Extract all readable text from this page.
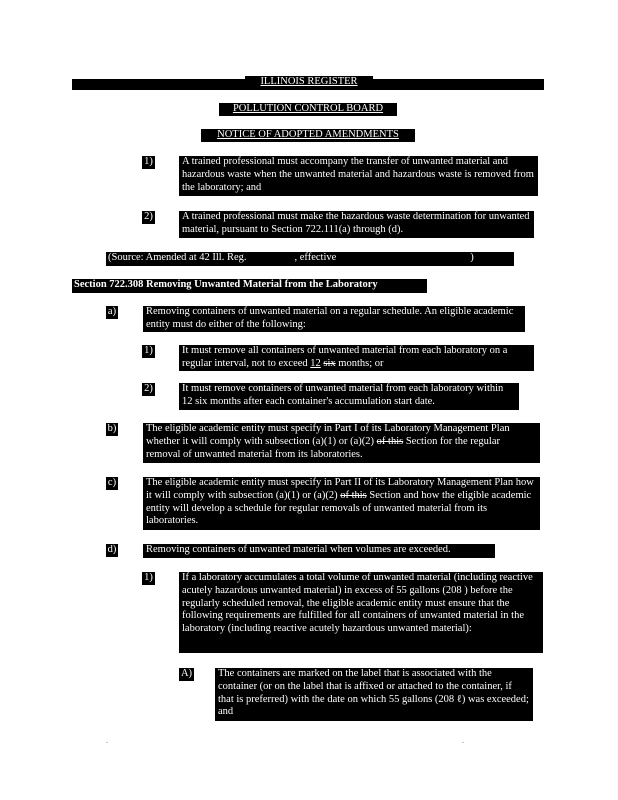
ILLINOIS REGISTER
POLLUTION CONTROL BOARD
NOTICE OF ADOPTED AMENDMENTS
1)	A trained professional must accompany the transfer of unwanted material and hazardous waste when the unwanted material and hazardous waste is removed from the laboratory; and
2)	A trained professional must make the hazardous waste determination for unwanted material, pursuant to Section 722.111(a) through (d).
(Source: Amended at 42 Ill. Reg.	, effective	)
Section 722.308 Removing Unwanted Material from the Laboratory
a)	Removing containers of unwanted material on a regular schedule. An eligible academic entity must do either of the following:
1)	It must remove all containers of unwanted material from each laboratory on a regular interval, not to exceed 12 six months; or
2)	It must remove containers of unwanted material from each laboratory within 12 six months after each container's accumulation start date.
b)	The eligible academic entity must specify in Part I of its Laboratory Management Plan whether it will comply with subsection (a)(1) or (a)(2) of this Section for the regular removal of unwanted material from its laboratories.
c)	The eligible academic entity must specify in Part II of its Laboratory Management Plan how it will comply with subsection (a)(1) or (a)(2) of this Section and how the eligible academic entity will develop a schedule for regular removals of unwanted material from its laboratories.
d)	Removing containers of unwanted material when volumes are exceeded.
1)	If a laboratory accumulates a total volume of unwanted material (including reactive acutely hazardous unwanted material) in excess of 55 gallons (208 ) before the regularly scheduled removal, the eligible academic entity must ensure that the following requirements are fulfilled for all containers of unwanted material in the laboratory (including reactive acutely hazardous unwanted material):
A) The containers are marked on the label that is associated with the container (or on the label that is affixed or attached to the container, if that is preferred) with the date on which 55 gallons (208 ℓ) was exceeded; and
